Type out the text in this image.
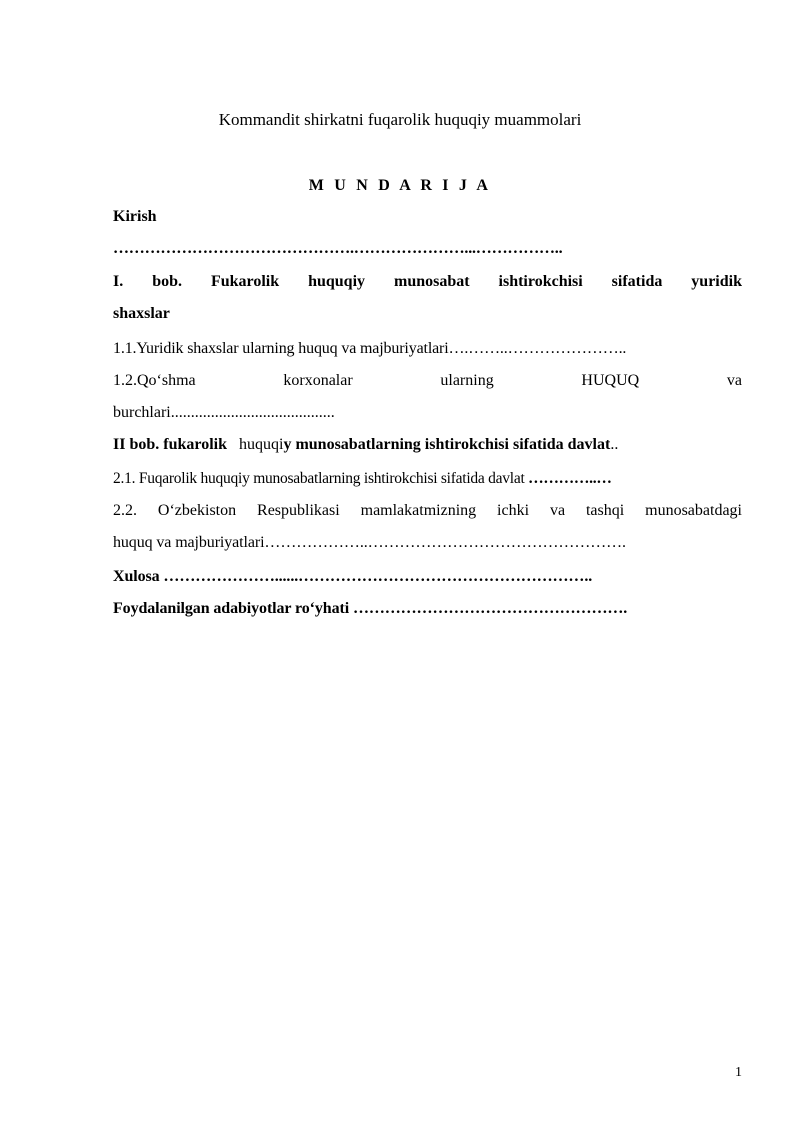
Kommandit shirkatni fuqarolik huquqiy muammolari
M U N D A R I J A
Kirish
……………………………………….…………………...……………..
I. bob. Fukarolik huquqiy munosabat ishtirokchisi sifatida yuridik
shaxslar
1.1.Yuridik shaxslar ularning huquq va majburiyatlari….……..…………………..
1.2.Qo‘shma korxonalar ularning HUQUQ va
burchlari.........................................
II bob. fukarolik huquqiy munosabatlarning ishtirokchisi sifatida davlat..
2.1. Fuqarolik huquqiy munosabatlarning ishtirokchisi sifatida davlat …………..…
2.2. O‘zbekiston Respublikasi mamlakatmizning ichki va tashqi munosabatdagi
huquq va majburiyatlari………………..………………………………………….
Xulosa …………………......………………………………………………..
Foydalanilgan adabiyotlar ro‘yhati …………………………………………….
1
